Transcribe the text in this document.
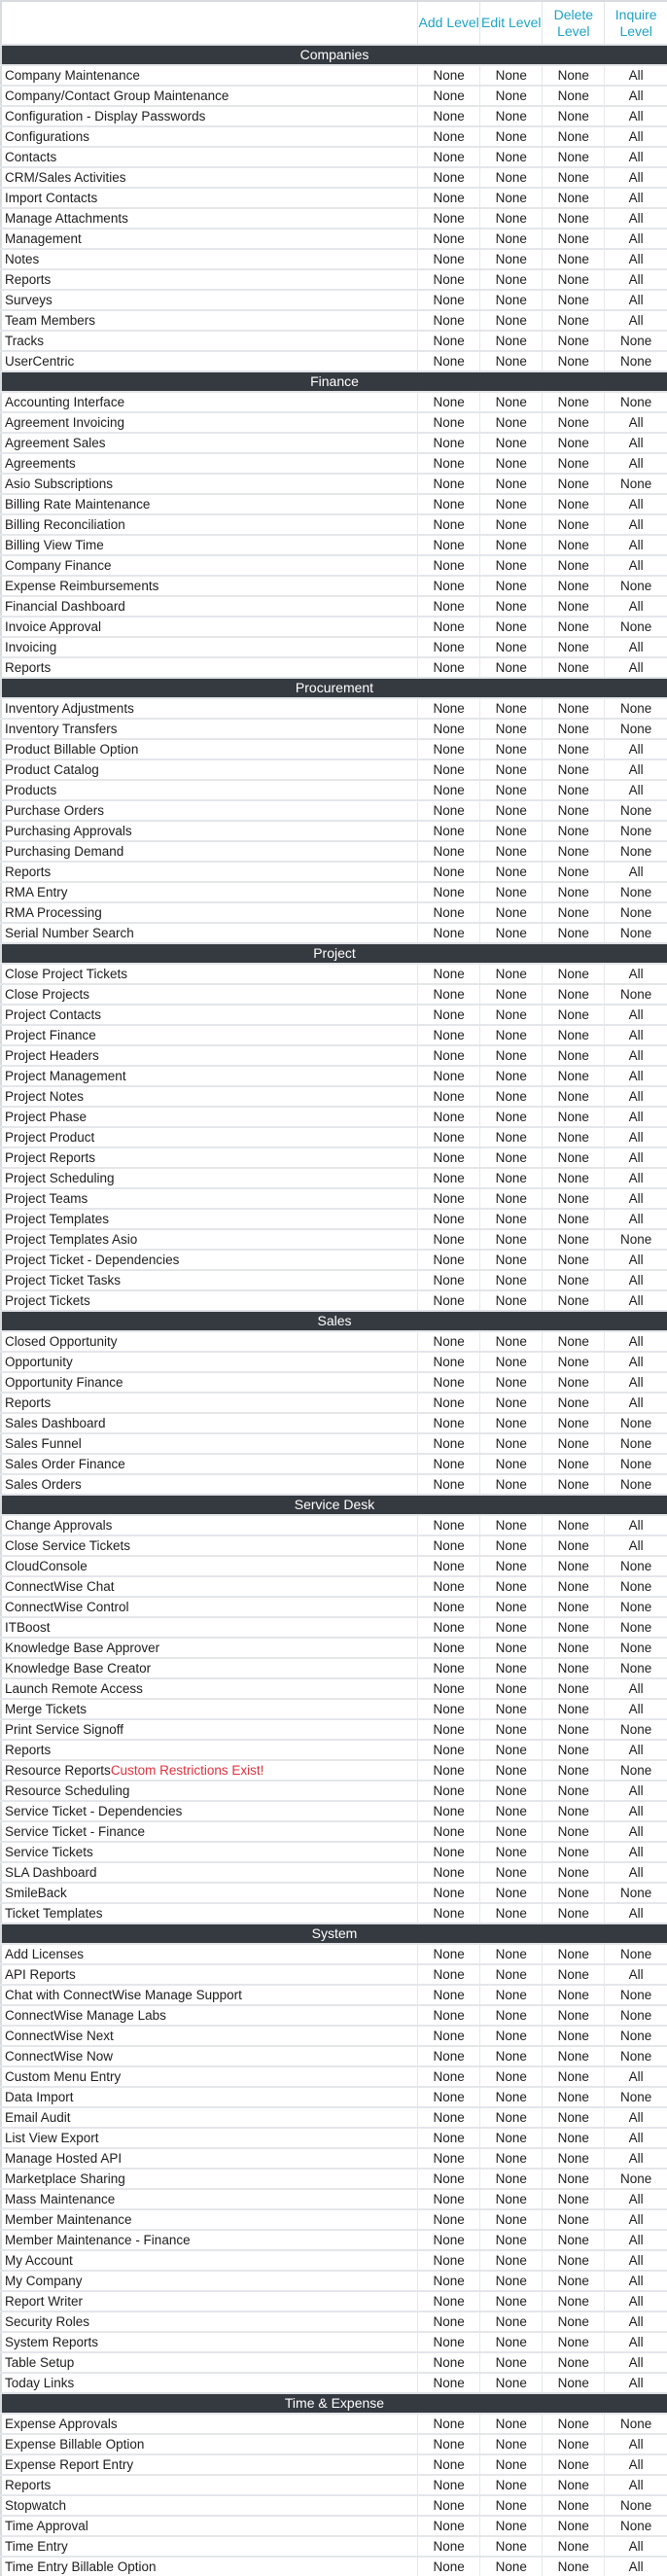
	Add Level	Edit Level	Delete Level	Inquire Level
Companies				
Company Maintenance	None	None	None	All
Company/Contact Group Maintenance	None	None	None	All
Configuration - Display Passwords	None	None	None	All
Configurations	None	None	None	All
Contacts	None	None	None	All
CRM/Sales Activities	None	None	None	All
Import Contacts	None	None	None	All
Manage Attachments	None	None	None	All
Management	None	None	None	All
Notes	None	None	None	All
Reports	None	None	None	All
Surveys	None	None	None	All
Team Members	None	None	None	All
Tracks	None	None	None	None
UserCentric	None	None	None	None
Finance				
Accounting Interface	None	None	None	None
Agreement Invoicing	None	None	None	All
Agreement Sales	None	None	None	All
Agreements	None	None	None	All
Asio Subscriptions	None	None	None	None
Billing Rate Maintenance	None	None	None	All
Billing Reconciliation	None	None	None	All
Billing View Time	None	None	None	All
Company Finance	None	None	None	All
Expense Reimbursements	None	None	None	None
Financial Dashboard	None	None	None	All
Invoice Approval	None	None	None	None
Invoicing	None	None	None	All
Reports	None	None	None	All
Procurement				
Inventory Adjustments	None	None	None	None
Inventory Transfers	None	None	None	None
Product Billable Option	None	None	None	All
Product Catalog	None	None	None	All
Products	None	None	None	All
Purchase Orders	None	None	None	None
Purchasing Approvals	None	None	None	None
Purchasing Demand	None	None	None	None
Reports	None	None	None	All
RMA Entry	None	None	None	None
RMA Processing	None	None	None	None
Serial Number Search	None	None	None	None
Project				
Close Project Tickets	None	None	None	All
Close Projects	None	None	None	None
Project Contacts	None	None	None	All
Project Finance	None	None	None	All
Project Headers	None	None	None	All
Project Management	None	None	None	All
Project Notes	None	None	None	All
Project Phase	None	None	None	All
Project Product	None	None	None	All
Project Reports	None	None	None	All
Project Scheduling	None	None	None	All
Project Teams	None	None	None	All
Project Templates	None	None	None	All
Project Templates Asio	None	None	None	None
Project Ticket - Dependencies	None	None	None	All
Project Ticket Tasks	None	None	None	All
Project Tickets	None	None	None	All
Sales				
Closed Opportunity	None	None	None	All
Opportunity	None	None	None	All
Opportunity Finance	None	None	None	All
Reports	None	None	None	All
Sales Dashboard	None	None	None	None
Sales Funnel	None	None	None	None
Sales Order Finance	None	None	None	None
Sales Orders	None	None	None	None
Service Desk				
Change Approvals	None	None	None	All
Close Service Tickets	None	None	None	All
CloudConsole	None	None	None	None
ConnectWise Chat	None	None	None	None
ConnectWise Control	None	None	None	None
ITBoost	None	None	None	None
Knowledge Base Approver	None	None	None	None
Knowledge Base Creator	None	None	None	None
Launch Remote Access	None	None	None	All
Merge Tickets	None	None	None	All
Print Service Signoff	None	None	None	None
Reports	None	None	None	All
Resource ReportsCustom Restrictions Exist!	None	None	None	None
Resource Scheduling	None	None	None	All
Service Ticket - Dependencies	None	None	None	All
Service Ticket - Finance	None	None	None	All
Service Tickets	None	None	None	All
SLA Dashboard	None	None	None	All
SmileBack	None	None	None	None
Ticket Templates	None	None	None	All
System				
Add Licenses	None	None	None	None
API Reports	None	None	None	All
Chat with ConnectWise Manage Support	None	None	None	None
ConnectWise Manage Labs	None	None	None	None
ConnectWise Next	None	None	None	None
ConnectWise Now	None	None	None	None
Custom Menu Entry	None	None	None	All
Data Import	None	None	None	None
Email Audit	None	None	None	All
List View Export	None	None	None	All
Manage Hosted API	None	None	None	All
Marketplace Sharing	None	None	None	None
Mass Maintenance	None	None	None	All
Member Maintenance	None	None	None	All
Member Maintenance - Finance	None	None	None	All
My Account	None	None	None	All
My Company	None	None	None	All
Report Writer	None	None	None	All
Security Roles	None	None	None	All
System Reports	None	None	None	All
Table Setup	None	None	None	All
Today Links	None	None	None	All
Time & Expense				
Expense Approvals	None	None	None	None
Expense Billable Option	None	None	None	All
Expense Report Entry	None	None	None	All
Reports	None	None	None	All
Stopwatch	None	None	None	None
Time Approval	None	None	None	None
Time Entry	None	None	None	All
Time Entry Billable Option	None	None	None	All
